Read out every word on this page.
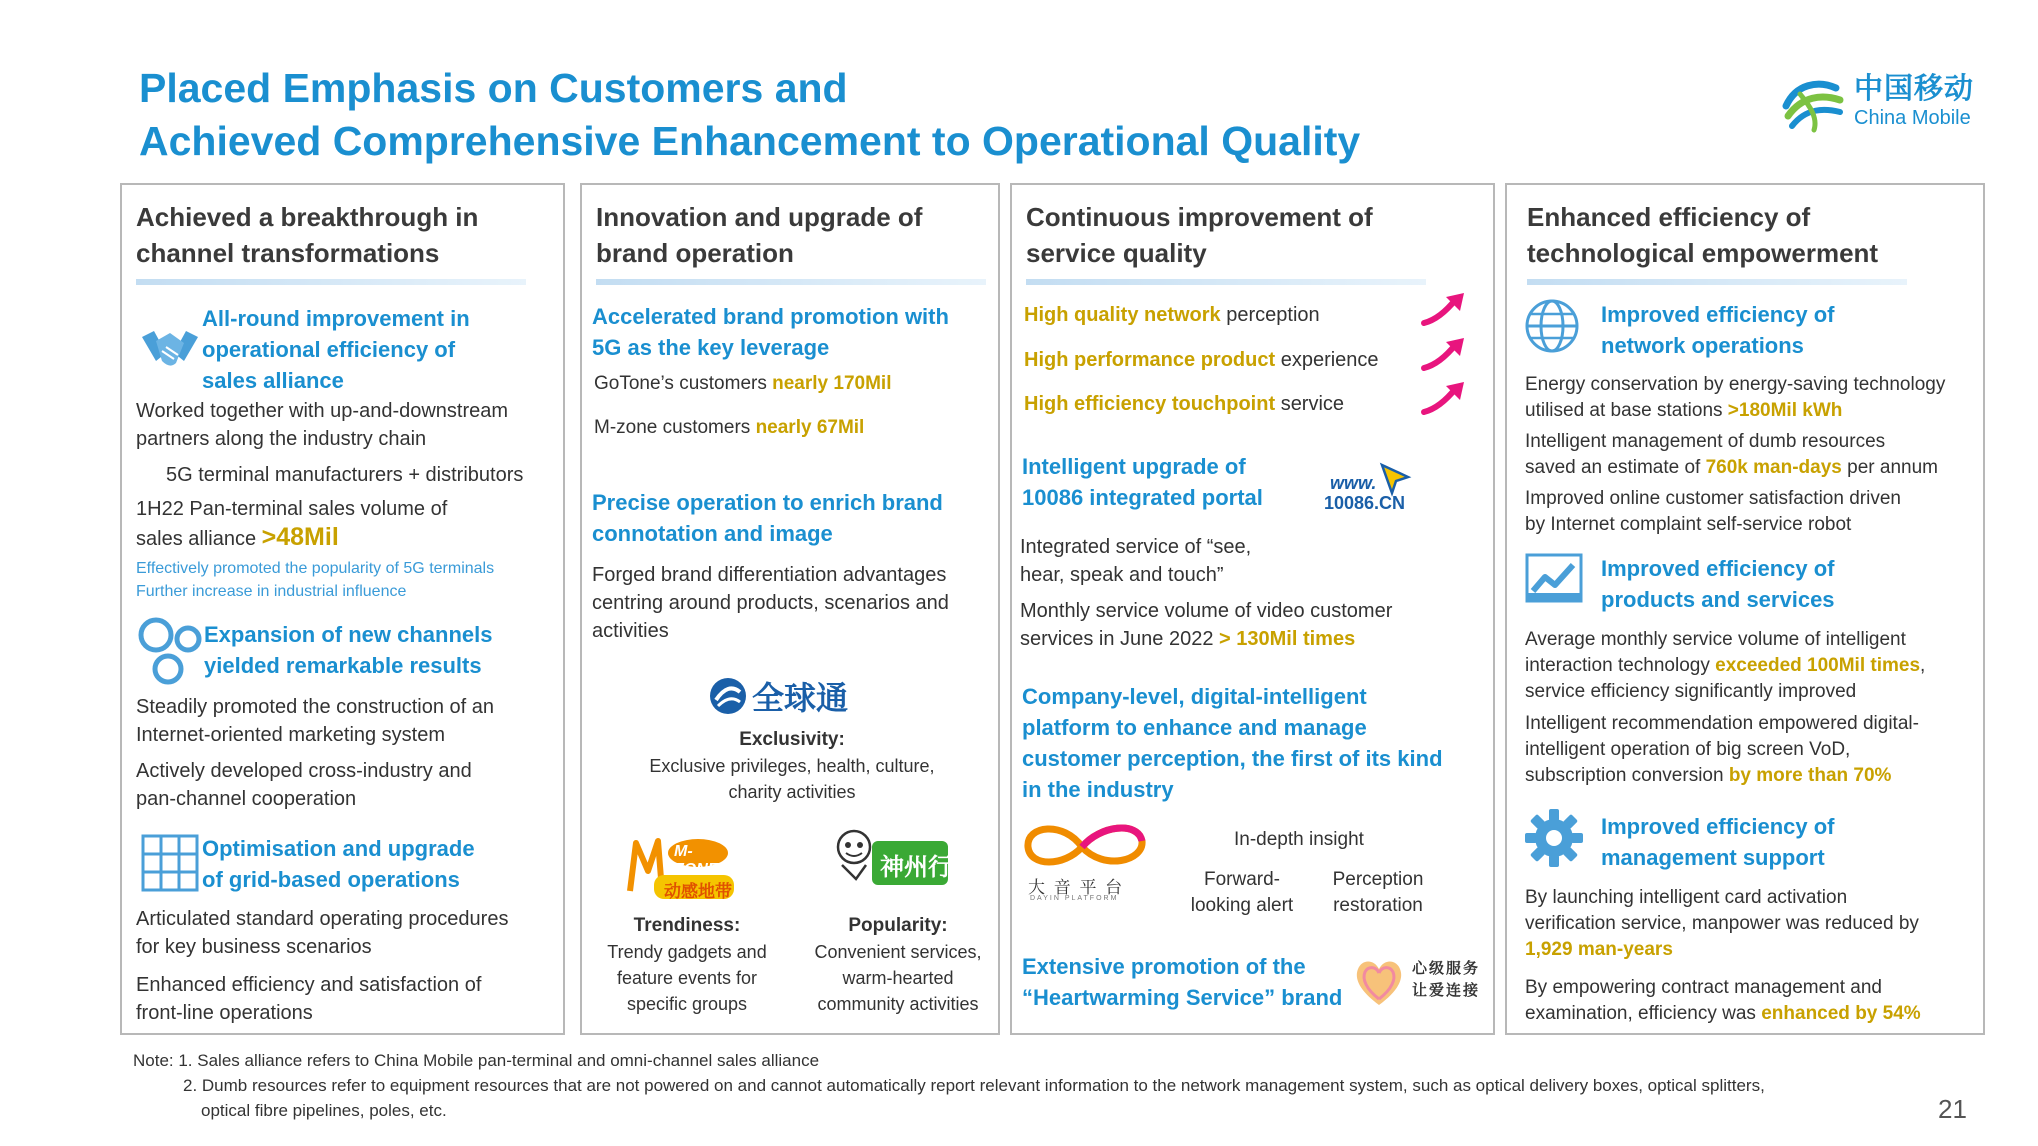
Placed Emphasis on Customers and
Achieved Comprehensive Enhancement to Operational Quality
中国移动
China Mobile
Achieved a breakthrough in
channel transformations
All-round improvement in
operational efficiency of
sales alliance
Worked together with up-and-downstream
partners along the industry chain
5G terminal manufacturers + distributors
1H22 Pan-terminal sales volume of
sales alliance >48Mil
Effectively promoted the popularity of 5G terminals
Further increase in industrial influence
Expansion of new channels
yielded remarkable results
Steadily promoted the construction of an
Internet-oriented marketing system
Actively developed cross-industry and
pan-channel cooperation
Optimisation and upgrade
of grid-based operations
Articulated standard operating procedures
for key business scenarios
Enhanced efficiency and satisfaction of
front-line operations
Innovation and upgrade of
brand operation
Accelerated brand promotion with
5G as the key leverage
GoTone’s customers nearly 170Mil
M-zone customers nearly 67Mil
Precise operation to enrich brand
connotation and image
Forged brand differentiation advantages
centring around products, scenarios and
activities
全球通
Exclusivity:
Exclusive privileges, health, culture,
charity activities
M-ZONE
动感地带
神州行
Trendiness:
Trendy gadgets and
feature events for
specific groups
Popularity:
Convenient services,
warm-hearted
community activities
Continuous improvement of
service quality
High quality network perception
High performance product experience
High efficiency touchpoint service
Intelligent upgrade of
10086 integrated portal
www.
10086.CN
Integrated service of “see,
hear, speak and touch”
Monthly service volume of video customer
services in June 2022 > 130Mil times
Company-level, digital-intelligent
platform to enhance and manage
customer perception, the first of its kind
in the industry
大 音 平 台
DAYIN PLATFORM
In-depth insight
Forward-
looking alert
Perception
restoration
Extensive promotion of the
“Heartwarming Service” brand
心级服务
让爱连接
Enhanced efficiency of
technological empowerment
Improved efficiency of
network operations
Energy conservation by energy-saving technology
utilised at base stations >180Mil kWh
Intelligent management of dumb resources
saved an estimate of 760k man-days per annum
Improved online customer satisfaction driven
by Internet complaint self-service robot
Improved efficiency of
products and services
Average monthly service volume of intelligent
interaction technology exceeded 100Mil times,
service efficiency significantly improved
Intelligent recommendation empowered digital-
intelligent operation of big screen VoD,
subscription conversion by more than 70%
Improved efficiency of
management support
By launching intelligent card activation
verification service, manpower was reduced by
1,929 man-years
By empowering contract management and
examination, efficiency was enhanced by 54%
Note: 1. Sales alliance refers to China Mobile pan-terminal and omni-channel sales alliance
2. Dumb resources refer to equipment resources that are not powered on and cannot automatically report relevant information to the network management system, such as optical delivery boxes, optical splitters,
optical fibre pipelines, poles, etc.	21
